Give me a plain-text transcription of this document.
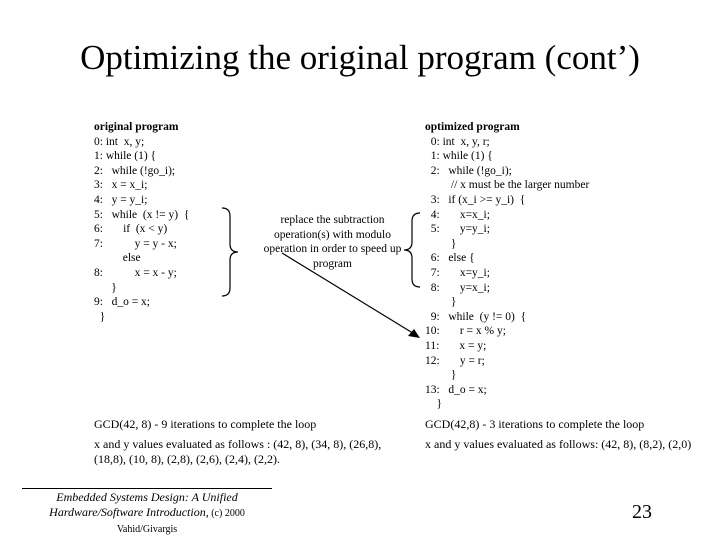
Optimizing the original program (cont’)
original program
0: int  x, y;
1: while (1) {
2:   while (!go_i);
3:   x = x_i;
4:   y = y_i;
5:   while  (x != y)  {
6:       if  (x < y)
7:           y = y - x;
else
8:           x = x - y;
}
9:   d_o = x;
}
optimized program
0: int  x, y, r;
1: while (1) {
2:   while (!go_i);
// x must be the larger number
3:   if (x_i >= y_i)  {
4:       x=x_i;
5:       y=y_i;
}
6:   else {
7:       x=y_i;
8:       y=x_i;
}
9:   while  (y != 0)  {
10:       r = x % y;
11:       x = y;
12:       y = r;
}
13:   d_o = x;
}
replace the subtraction operation(s) with modulo operation in order to speed up program
GCD(42, 8) - 9 iterations to complete the loop
x and y values evaluated as follows : (42, 8), (34, 8), (26,8), (18,8), (10, 8), (2,8), (2,6), (2,4), (2,2).
GCD(42,8) - 3 iterations to complete the loop
x and y values evaluated as follows: (42, 8), (8,2), (2,0)
Embedded Systems Design: A Unified
Hardware/Software Introduction, (c) 2000 Vahid/Givargis
23
